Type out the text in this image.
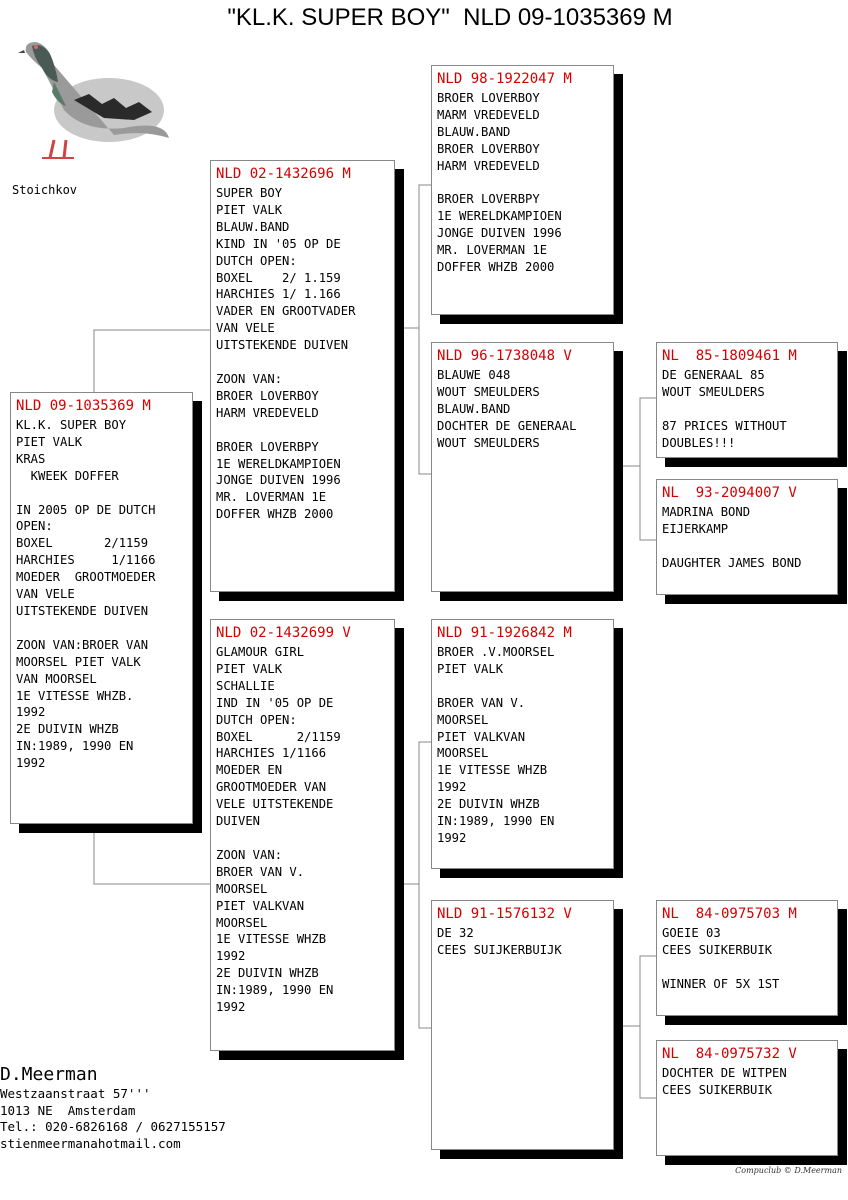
"KL.K. SUPER BOY"  NLD 09-1035369 M
Stoichkov
NLD 09-1035369 M
KL.K. SUPER BOY
PIET VALK
KRAS
KWEEK DOFFER

IN 2005 OP DE DUTCH
OPEN:
BOXEL       2/1159
HARCHIES     1/1166
MOEDER  GROOTMOEDER
VAN VELE
UITSTEKENDE DUIVEN

ZOON VAN:BROER VAN
MOORSEL PIET VALK
VAN MOORSEL
1E VITESSE WHZB.
1992
2E DUIVIN WHZB
IN:1989, 1990 EN
1992
NLD 02-1432696 M
SUPER BOY
PIET VALK
BLAUW.BAND
KIND IN '05 OP DE
DUTCH OPEN:
BOXEL    2/ 1.159
HARCHIES 1/ 1.166
VADER EN GROOTVADER
VAN VELE
UITSTEKENDE DUIVEN

ZOON VAN:
BROER LOVERBOY
HARM VREDEVELD

BROER LOVERBPY
1E WERELDKAMPIOEN
JONGE DUIVEN 1996
MR. LOVERMAN 1E
DOFFER WHZB 2000
NLD 02-1432699 V
GLAMOUR GIRL
PIET VALK
SCHALLIE
IND IN '05 OP DE
DUTCH OPEN:
BOXEL      2/1159
HARCHIES 1/1166
MOEDER EN
GROOTMOEDER VAN
VELE UITSTEKENDE
DUIVEN

ZOON VAN:
BROER VAN V.
MOORSEL
PIET VALKVAN
MOORSEL
1E VITESSE WHZB
1992
2E DUIVIN WHZB
IN:1989, 1990 EN
1992
NLD 98-1922047 M
BROER LOVERBOY
MARM VREDEVELD
BLAUW.BAND
BROER LOVERBOY
HARM VREDEVELD

BROER LOVERBPY
1E WERELDKAMPIOEN
JONGE DUIVEN 1996
MR. LOVERMAN 1E
DOFFER WHZB 2000
NLD 96-1738048 V
BLAUWE 048
WOUT SMEULDERS
BLAUW.BAND
DOCHTER DE GENERAAL
WOUT SMEULDERS
NLD 91-1926842 M
BROER .V.MOORSEL
PIET VALK

BROER VAN V.
MOORSEL
PIET VALKVAN
MOORSEL
1E VITESSE WHZB
1992
2E DUIVIN WHZB
IN:1989, 1990 EN
1992
NLD 91-1576132 V
DE 32
CEES SUIJKERBUIJK
NL  85-1809461 M
DE GENERAAL 85
WOUT SMEULDERS

87 PRICES WITHOUT
DOUBLES!!!
NL  93-2094007 V
MADRINA BOND
EIJERKAMP

DAUGHTER JAMES BOND
NL  84-0975703 M
GOEIE 03
CEES SUIKERBUIK

WINNER OF 5X 1ST
NL  84-0975732 V
DOCHTER DE WITPEN
CEES SUIKERBUIK
D.Meerman
Westzaanstraat 57'''
1013 NE  Amsterdam
Tel.: 020-6826168 / 0627155157
stienmeermanahotmail.com
Compuclub © D.Meerman
